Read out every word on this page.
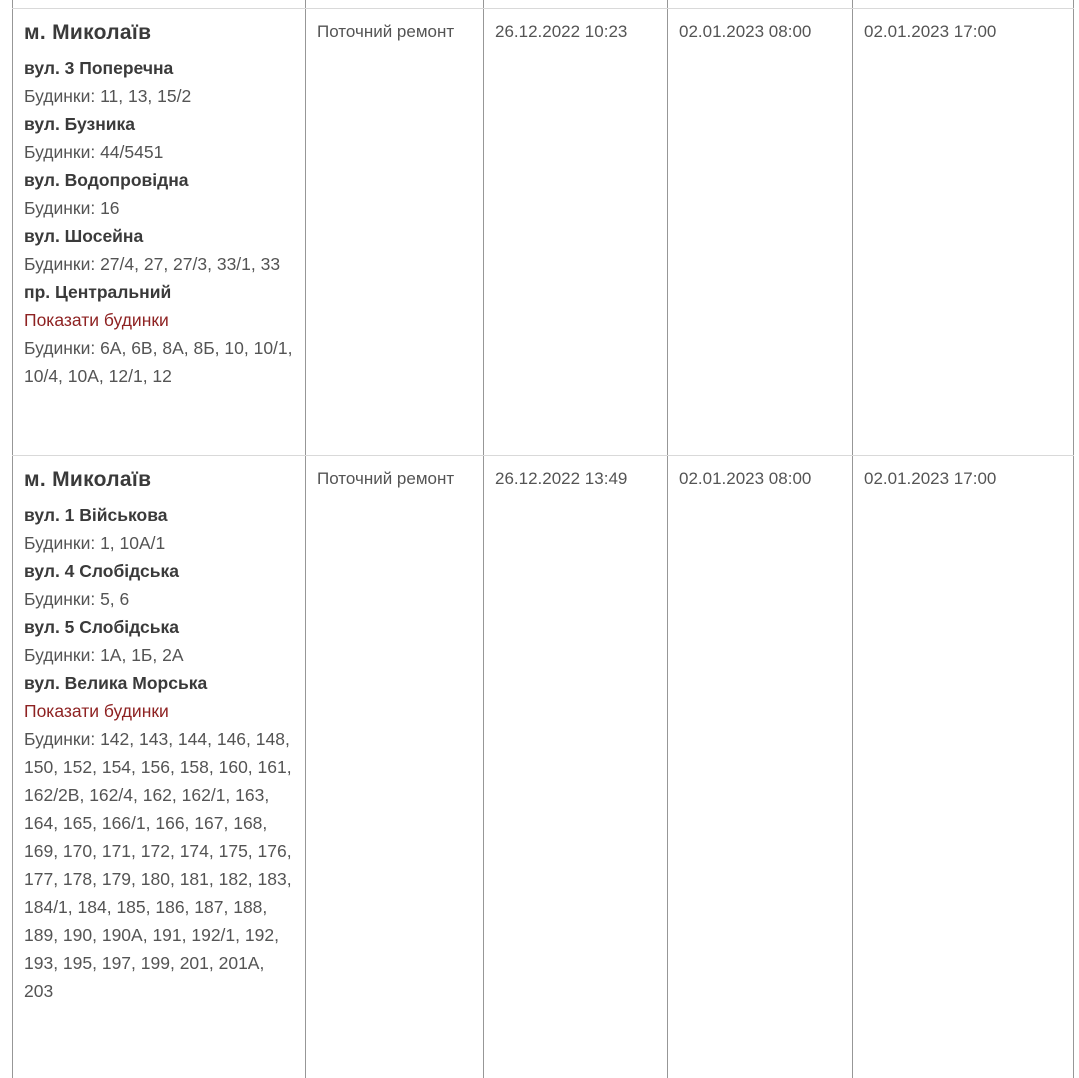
м. Миколаїв
вул. 3 Поперечна
Будинки: 11, 13, 15/2
вул. Бузника
Будинки: 44/5451
вул. Водопровідна
Будинки: 16
вул. Шосейна
Будинки: 27/4, 27, 27/3, 33/1, 33
пр. Центральний
Показати будинки
Будинки: 6А, 6В, 8А, 8Б, 10, 10/1, 10/4, 10А, 12/1, 12
	Поточний ремонт	26.12.2022 10:23	02.01.2023 08:00	02.01.2023 17:00

м. Миколаїв
вул. 1 Військова
Будинки: 1, 10А/1
вул. 4 Слобідська
Будинки: 5, 6
вул. 5 Слобідська
Будинки: 1А, 1Б, 2А
вул. Велика Морська
Показати будинки
Будинки: 142, 143, 144, 146, 148, 150, 152, 154, 156, 158, 160, 161, 162/2В, 162/4, 162, 162/1, 163, 164, 165, 166/1, 166, 167, 168, 169, 170, 171, 172, 174, 175, 176, 177, 178, 179, 180, 181, 182, 183, 184/1, 184, 185, 186, 187, 188, 189, 190, 190А, 191, 192/1, 192, 193, 195, 197, 199, 201, 201А, 203
	Поточний ремонт	26.12.2022 13:49	02.01.2023 08:00	02.01.2023 17:00
